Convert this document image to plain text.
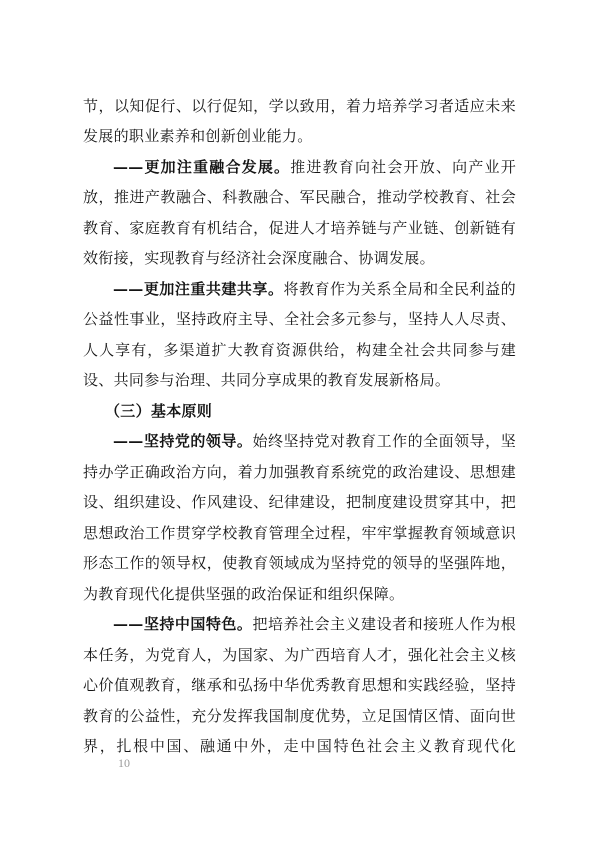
节，以知促行、以行促知，学以致用，着力培养学习者适应未来
发展的职业素养和创新创业能力。
——更加注重融合发展。推进教育向社会开放、向产业开
放，推进产教融合、科教融合、军民融合，推动学校教育、社会
教育、家庭教育有机结合，促进人才培养链与产业链、创新链有
效衔接，实现教育与经济社会深度融合、协调发展。
——更加注重共建共享。将教育作为关系全局和全民利益的
公益性事业，坚持政府主导、全社会多元参与，坚持人人尽责、
人人享有，多渠道扩大教育资源供给，构建全社会共同参与建
设、共同参与治理、共同分享成果的教育发展新格局。
（三）基本原则
——坚持党的领导。始终坚持党对教育工作的全面领导，坚
持办学正确政治方向，着力加强教育系统党的政治建设、思想建
设、组织建设、作风建设、纪律建设，把制度建设贯穿其中，把
思想政治工作贯穿学校教育管理全过程，牢牢掌握教育领域意识
形态工作的领导权，使教育领域成为坚持党的领导的坚强阵地，
为教育现代化提供坚强的政治保证和组织保障。
——坚持中国特色。把培养社会主义建设者和接班人作为根
本任务，为党育人，为国家、为广西培育人才，强化社会主义核
心价值观教育，继承和弘扬中华优秀教育思想和实践经验，坚持
教育的公益性，充分发挥我国制度优势，立足国情区情、面向世
界，扎根中国、融通中外，走中国特色社会主义教育现代化
10
